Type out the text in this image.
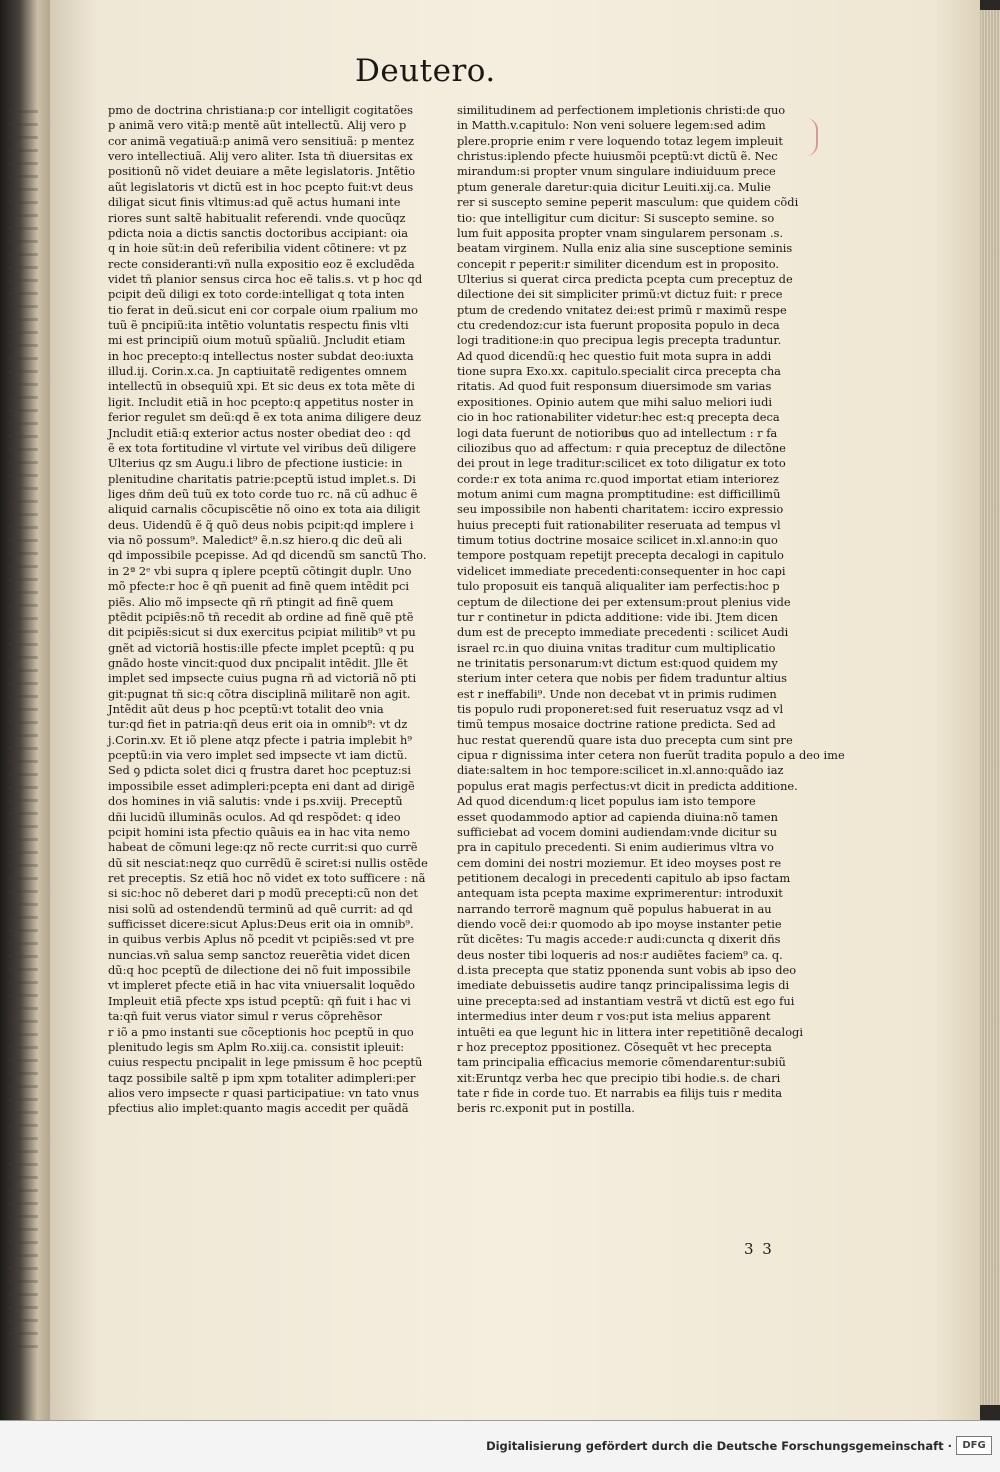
Deutero.
pmo de doctrina christiana:p cor intelligit cogitatões
p animã vero vitã:p mentẽ aũt intellectũ. Alij vero p
cor animã vegatiuã:p animã vero sensitiuã: p mentez
vero intellectiuã. Alij vero aliter. Ista tñ diuersitas ex
positionũ nõ videt deuiare a mẽte legislatoris. Jntẽtio
aũt legislatoris vt dictũ est in hoc pcepto fuit:vt deus
diligat sicut finis vltimus:ad quẽ actus humani inte
riores sunt saltẽ habitualit referendi. vnde quocũqz
pdicta noia a dictis sanctis doctoribus accipiant: oia
q in hoie sũt:in deũ referibilia vident cõtinere: vt pz
recte consideranti:vñ nulla expositio eoz ẽ excludẽda
videt tñ planior sensus circa hoc eẽ talis.s. vt p hoc qd
pcipit deũ diligi ex toto corde:intelligat q tota inten
tio ferat in deũ.sicut eni cor corpale oium rpalium mo
tuũ ẽ pncipiũ:ita intẽtio voluntatis respectu finis vlti
mi est principiũ oium motuũ spũaliũ. Jncludit etiam
in hoc precepto:q intellectus noster subdat deo:iuxta
illud.ij. Corin.x.ca. Jn captiuitatẽ redigentes omnem
intellectũ in obsequiũ xpi. Et sic deus ex tota mẽte di
ligit. Includit etiã in hoc pcepto:q appetitus noster in
ferior regulet sm deũ:qd ẽ ex tota anima diligere deuz
Jncludit etiã:q exterior actus noster obediat deo : qd
ẽ ex tota fortitudine vl virtute vel viribus deũ diligere
Ulterius qz sm Augu.i libro de pfectione iusticie: in
plenitudine charitatis patrie:pceptũ istud implet.s. Di
liges dñm deũ tuũ ex toto corde tuo rc. nã cũ adhuc ẽ
aliquid carnalis cõcupiscẽtie nõ oino ex tota aia diligit
deus. Uidendũ ẽ q̃ quõ deus nobis pcipit:qd implere i
via nõ possum⁹. Maledict⁹ ẽ.n.sz hiero.q dic deũ ali
qd impossibile pcepisse. Ad qd dicendũ sm sanctũ Tho.
in 2ª 2ᵉ vbi supra q iplere pceptũ cõtingit duplr. Uno
mõ pfecte:r hoc ẽ qñ puenit ad finẽ quem intẽdit pci
piẽs. Alio mõ impsecte qñ rñ ptingit ad finẽ quem
ptẽdit pcipiẽs:nõ tñ recedit ab ordine ad finẽ quẽ ptẽ
dit pcipiẽs:sicut si dux exercitus pcipiat militib⁹ vt pu
gnẽt ad victoriã hostis:ille pfecte implet pceptũ: q pu
gnãdo hoste vincit:quod dux pncipalit intẽdit. Jlle ẽt
implet sed impsecte cuius pugna rñ ad victoriã nõ pti
git:pugnat tñ sic:q cõtra disciplinã militarẽ non agit.
Jntẽdit aũt deus p hoc pceptũ:vt totalit deo vnia
tur:qd fiet in patria:qñ deus erit oia in omnib⁹: vt dz
j.Corin.xv. Et iõ plene atqz pfecte i patria implebit h⁹
pceptũ:in via vero implet sed impsecte vt iam dictũ.
Sed ꝯ pdicta solet dici q frustra daret hoc pceptuz:si
impossibile esset adimpleri:pcepta eni dant ad dirigẽ
dos homines in viã salutis: vnde i ps.xviij. Preceptũ
dñi lucidũ illuminãs oculos. Ad qd respõdet: q ideo
pcipit homini ista pfectio quãuis ea in hac vita nemo
habeat de cõmuni lege:qz nõ recte currit:si quo currẽ
dũ sit nesciat:neqz quo currẽdũ ẽ sciret:si nullis ostẽde
ret preceptis. Sz etiã hoc nõ videt ex toto sufficere : nã
si sic:hoc nõ deberet dari p modũ precepti:cũ non det
nisi solũ ad ostendendũ terminũ ad quẽ currit: ad qd
sufficisset dicere:sicut Aplus:Deus erit oia in omnib⁹.
in quibus verbis Aplus nõ pcedit vt pcipiẽs:sed vt pre
nuncias.vñ salua semp sanctoz reuerẽtia videt dicen
dũ:q hoc pceptũ de dilectione dei nõ fuit impossibile
vt impleret pfecte etiã in hac vita vniuersalit loquẽdo
Impleuit etiã pfecte xps istud pceptũ: qñ fuit i hac vi
ta:qñ fuit verus viator simul r verus cõprehẽsor
r iõ a pmo instanti sue cõceptionis hoc pceptũ in quo
plenitudo legis sm Aplm Ro.xiij.ca. consistit ipleuit:
cuius respectu pncipalit in lege pmissum ẽ hoc pceptũ
taqz possibile saltẽ p ipm xpm totaliter adimpleri:per
alios vero impsecte r quasi participatiue: vn tato vnus
pfectius alio implet:quanto magis accedit per quãdã
similitudinem ad perfectionem impletionis christi:de quo
in Matth.v.capitulo: Non veni soluere legem:sed adim
plere.proprie enim r vere loquendo totaz legem impleuit
christus:iplendo pfecte huiusmõi pceptũ:vt dictũ ẽ. Nec
mirandum:si propter vnum singulare indiuiduum prece
ptum generale daretur:quia dicitur Leuiti.xij.ca. Mulie
rer si suscepto semine peperit masculum: que quidem cõdi
tio: que intelligitur cum dicitur: Si suscepto semine. so
lum fuit apposita propter vnam singularem personam .s.
beatam virginem. Nulla eniz alia sine susceptione seminis
concepit r peperit:r similiter dicendum est in proposito.
Ulterius si querat circa predicta pcepta cum preceptuz de
dilectione dei sit simpliciter primũ:vt dictuz fuit: r prece
ptum de credendo vnitatez dei:est primũ r maximũ respe
ctu credendoz:cur ista fuerunt proposita populo in deca
logi traditione:in quo precipua legis precepta traduntur.
Ad quod dicendũ:q hec questio fuit mota supra in addi
tione supra Exo.xx. capitulo.specialit circa precepta cha
ritatis. Ad quod fuit responsum diuersimode sm varias
expositiones. Opinio autem que mihi saluo meliori iudi
cio in hoc rationabiliter videtur:hec est:q precepta deca
logi data fuerunt de notioribus quo ad intellectum : r fa
ciliozibus quo ad affectum: r quia preceptuz de dilectõne
dei prout in lege traditur:scilicet ex toto diligatur ex toto
corde:r ex tota anima rc.quod importat etiam interiorez
motum animi cum magna promptitudine: est difficillimũ
seu impossibile non habenti charitatem: icciro expressio
huius precepti fuit rationabiliter reseruata ad tempus vl
timum totius doctrine mosaice scilicet in.xl.anno:in quo
tempore postquam repetijt precepta decalogi in capitulo
videlicet immediate precedenti:consequenter in hoc capi
tulo proposuit eis tanquã aliqualiter iam perfectis:hoc p
ceptum de dilectione dei per extensum:prout plenius vide
tur r continetur in pdicta additione: vide ibi. Jtem dicen
dum est de precepto immediate precedenti : scilicet Audi
israel rc.in quo diuina vnitas traditur cum multiplicatio
ne trinitatis personarum:vt dictum est:quod quidem my
sterium inter cetera que nobis per fidem traduntur altius
est r ineffabili⁹. Unde non decebat vt in primis rudimen
tis populo rudi proponeret:sed fuit reseruatuz vsqz ad vl
timũ tempus mosaice doctrine ratione predicta. Sed ad
huc restat querendũ quare ista duo precepta cum sint pre
cipua r dignissima inter cetera non fuerũt tradita populo a deo ime
diate:saltem in hoc tempore:scilicet in.xl.anno:quãdo iaz
populus erat magis perfectus:vt dicit in predicta additione.
Ad quod dicendum:q licet populus iam isto tempore
esset quodammodo aptior ad capienda diuina:nõ tamen
sufficiebat ad vocem domini audiendam:vnde dicitur su
pra in capitulo precedenti. Si enim audierimus vltra vo
cem domini dei nostri moziemur. Et ideo moyses post re
petitionem decalogi in precedenti capitulo ab ipso factam
antequam ista pcepta maxime exprimerentur: introduxit
narrando terrorẽ magnum quẽ populus habuerat in au
diendo vocẽ dei:r quomodo ab ipo moyse instanter petie
rũt dicẽtes: Tu magis accede:r audi:cuncta q dixerit dñs
deus noster tibi loqueris ad nos:r audiẽtes faciem⁹ ca. q.
d.ista precepta que statiz pponenda sunt vobis ab ipso deo
imediate debuissetis audire tanqz principalissima legis di
uine precepta:sed ad instantiam vestrã vt dictũ est ego fui
intermedius inter deum r vos:put ista melius apparent
intuẽti ea que legunt hic in littera inter repetitiõnẽ decalogi
r hoz preceptoz ppositionez. Cõsequẽt vt hec precepta
tam principalia efficacius memorie cõmendarentur:subiũ
xit:Eruntqz verba hec que precipio tibi hodie.s. de chari
tate r fide in corde tuo. Et narrabis ea filijs tuis r medita
beris rc.exponit put in postilla.
3 3
Digitalisierung gefördert durch die Deutsche Forschungsgemeinschaft ·	DFG
